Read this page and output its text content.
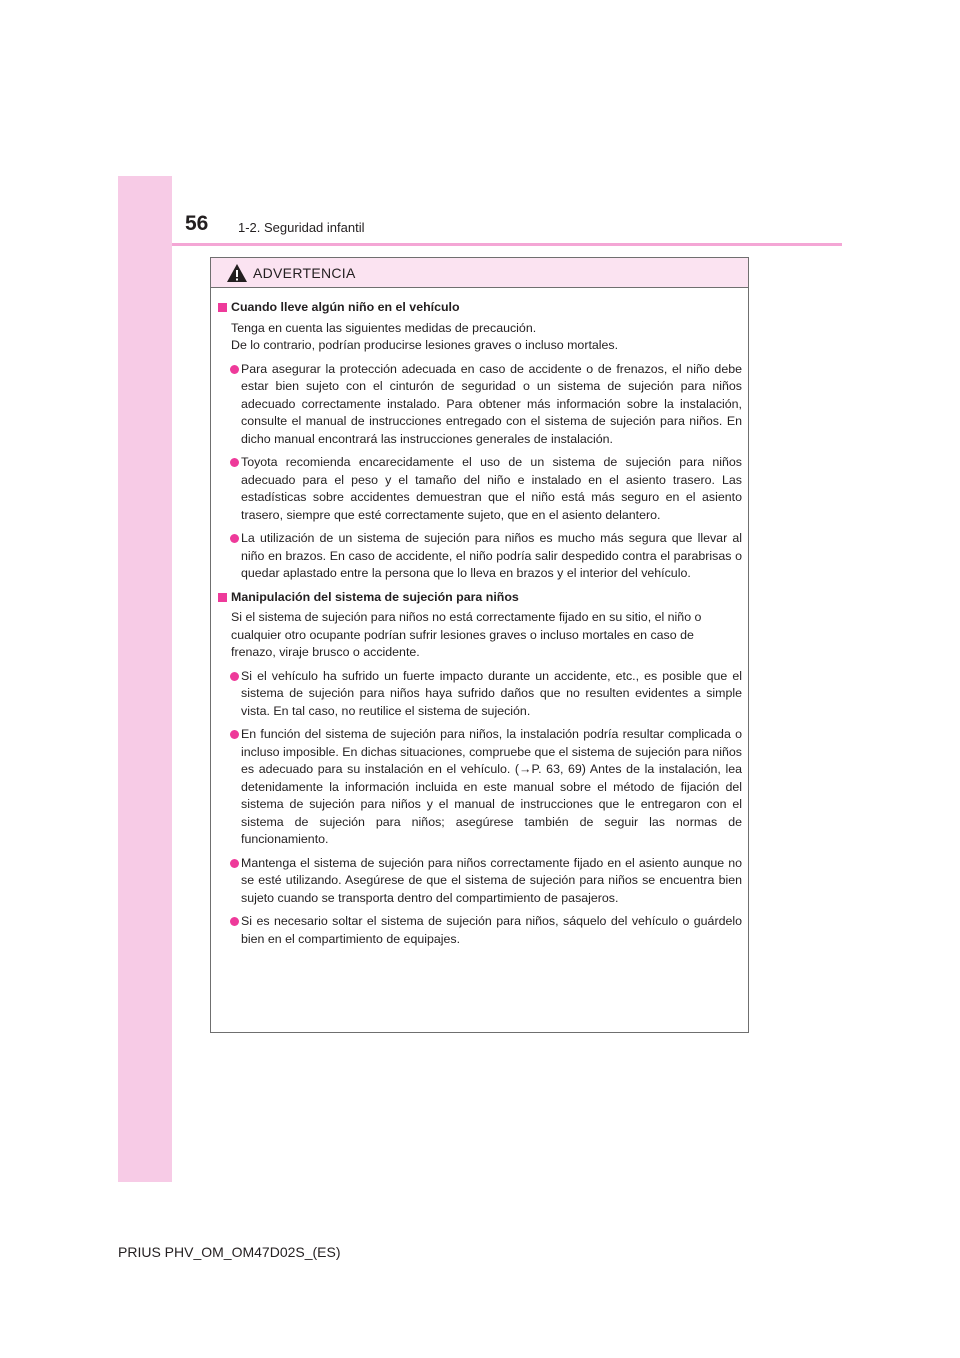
56 1-2. Seguridad infantil
ADVERTENCIA
Cuando lleve algún niño en el vehículo
Tenga en cuenta las siguientes medidas de precaución.
De lo contrario, podrían producirse lesiones graves o incluso mortales.
Para asegurar la protección adecuada en caso de accidente o de frenazos, el niño debe estar bien sujeto con el cinturón de seguridad o un sistema de sujeción para niños adecuado correctamente instalado. Para obtener más información sobre la instalación, consulte el manual de instrucciones entregado con el sistema de sujeción para niños. En dicho manual encontrará las instrucciones generales de instalación.
Toyota recomienda encarecidamente el uso de un sistema de sujeción para niños adecuado para el peso y el tamaño del niño e instalado en el asiento trasero. Las estadísticas sobre accidentes demuestran que el niño está más seguro en el asiento trasero, siempre que esté correctamente sujeto, que en el asiento delantero.
La utilización de un sistema de sujeción para niños es mucho más segura que llevar al niño en brazos. En caso de accidente, el niño podría salir despedido contra el parabrisas o quedar aplastado entre la persona que lo lleva en brazos y el interior del vehículo.
Manipulación del sistema de sujeción para niños
Si el sistema de sujeción para niños no está correctamente fijado en su sitio, el niño o cualquier otro ocupante podrían sufrir lesiones graves o incluso mortales en caso de frenazo, viraje brusco o accidente.
Si el vehículo ha sufrido un fuerte impacto durante un accidente, etc., es posible que el sistema de sujeción para niños haya sufrido daños que no resulten evidentes a simple vista. En tal caso, no reutilice el sistema de sujeción.
En función del sistema de sujeción para niños, la instalación podría resultar complicada o incluso imposible. En dichas situaciones, compruebe que el sistema de sujeción para niños es adecuado para su instalación en el vehículo. (→P. 63, 69) Antes de la instalación, lea detenidamente la información incluida en este manual sobre el método de fijación del sistema de sujeción para niños y el manual de instrucciones que le entregaron con el sistema de sujeción para niños; asegúrese también de seguir las normas de funcionamiento.
Mantenga el sistema de sujeción para niños correctamente fijado en el asiento aunque no se esté utilizando. Asegúrese de que el sistema de sujeción para niños se encuentra bien sujeto cuando se transporta dentro del compartimiento de pasajeros.
Si es necesario soltar el sistema de sujeción para niños, sáquelo del vehículo o guárdelo bien en el compartimiento de equipajes.
PRIUS PHV_OM_OM47D02S_(ES)
